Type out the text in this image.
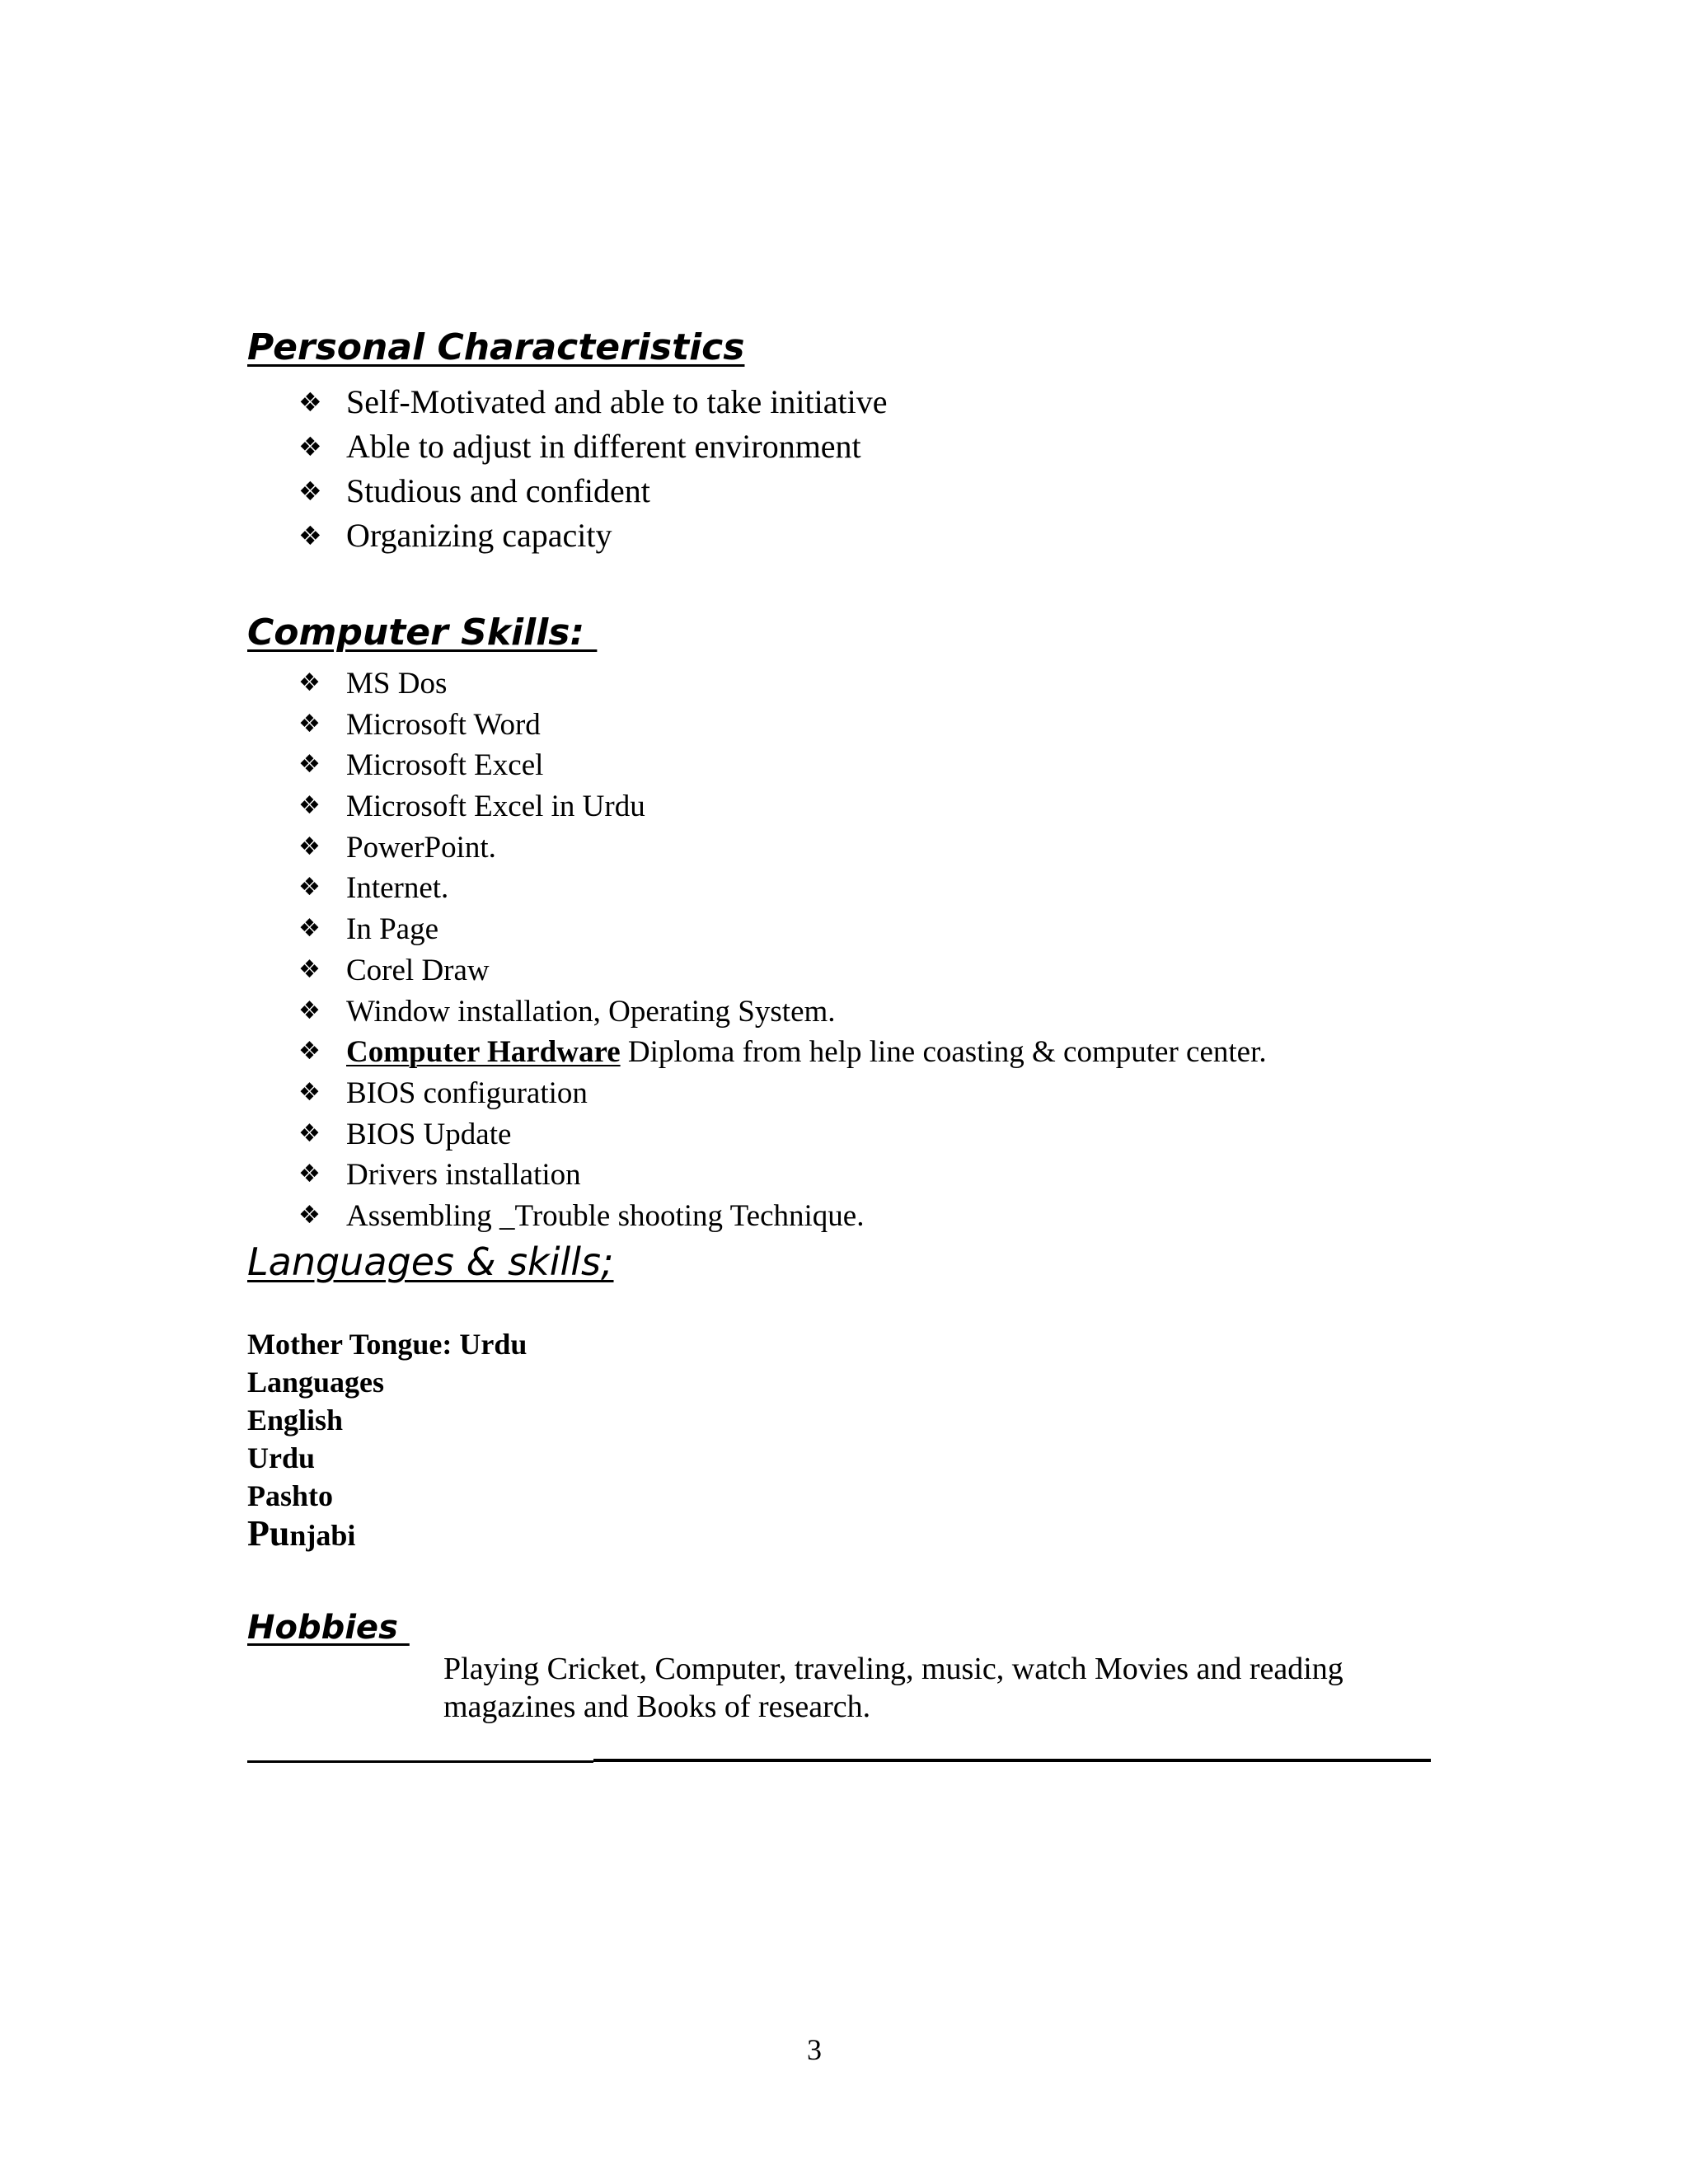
Personal Characteristics
❖ Self-Motivated and able to take initiative
❖ Able to adjust in different environment
❖ Studious and confident
❖ Organizing capacity
Computer Skills:
❖ MS Dos
❖ Microsoft Word
❖ Microsoft Excel
❖ Microsoft Excel in Urdu
❖ PowerPoint.
❖ Internet.
❖ In Page
❖ Corel Draw
❖ Window installation, Operating System.
❖ Computer Hardware Diploma from help line coasting & computer center.
❖ BIOS configuration
❖ BIOS Update
❖ Drivers installation
❖ Assembling _Trouble shooting Technique.
Languages & skills;
Mother Tongue: Urdu
Languages
English
Urdu
Pashto
Punjabi
Hobbies
Playing Cricket, Computer, traveling, music, watch Movies and reading magazines and Books of research.
3
